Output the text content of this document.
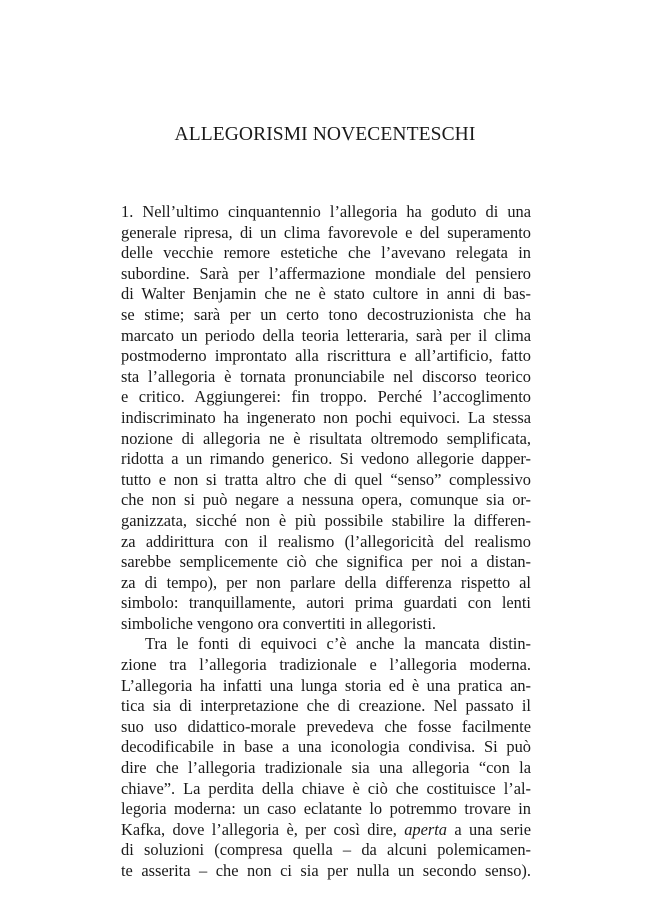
ALLEGORISMI NOVECENTESCHI

1. Nell’ultimo cinquantennio l’allegoria ha goduto di una
generale ripresa, di un clima favorevole e del superamento
delle vecchie remore estetiche che l’avevano relegata in
subordine. Sarà per l’affermazione mondiale del pensiero
di Walter Benjamin che ne è stato cultore in anni di bas-
se stime; sarà per un certo tono decostruzionista che ha
marcato un periodo della teoria letteraria, sarà per il clima
postmoderno improntato alla riscrittura e all’artificio, fatto
sta l’allegoria è tornata pronunciabile nel discorso teorico
e critico. Aggiungerei: fin troppo. Perché l’accoglimento
indiscriminato ha ingenerato non pochi equivoci. La stessa
nozione di allegoria ne è risultata oltremodo semplificata,
ridotta a un rimando generico. Si vedono allegorie dapper-
tutto e non si tratta altro che di quel “senso” complessivo
che non si può negare a nessuna opera, comunque sia or-
ganizzata, sicché non è più possibile stabilire la differen-
za addirittura con il realismo (l’allegoricità del realismo
sarebbe semplicemente ciò che significa per noi a distan-
za di tempo), per non parlare della differenza rispetto al
simbolo: tranquillamente, autori prima guardati con lenti
simboliche vengono ora convertiti in allegoristi.

Tra le fonti di equivoci c’è anche la mancata distin-
zione tra l’allegoria tradizionale e l’allegoria moderna.
L’allegoria ha infatti una lunga storia ed è una pratica an-
tica sia di interpretazione che di creazione. Nel passato il
suo uso didattico-morale prevedeva che fosse facilmente
decodificabile in base a una iconologia condivisa. Si può
dire che l’allegoria tradizionale sia una allegoria “con la
chiave”. La perdita della chiave è ciò che costituisce l’al-
legoria moderna: un caso eclatante lo potremmo trovare in
Kafka, dove l’allegoria è, per così dire, aperta a una serie
di soluzioni (compresa quella – da alcuni polemicamen-
te asserita – che non ci sia per nulla un secondo senso).
